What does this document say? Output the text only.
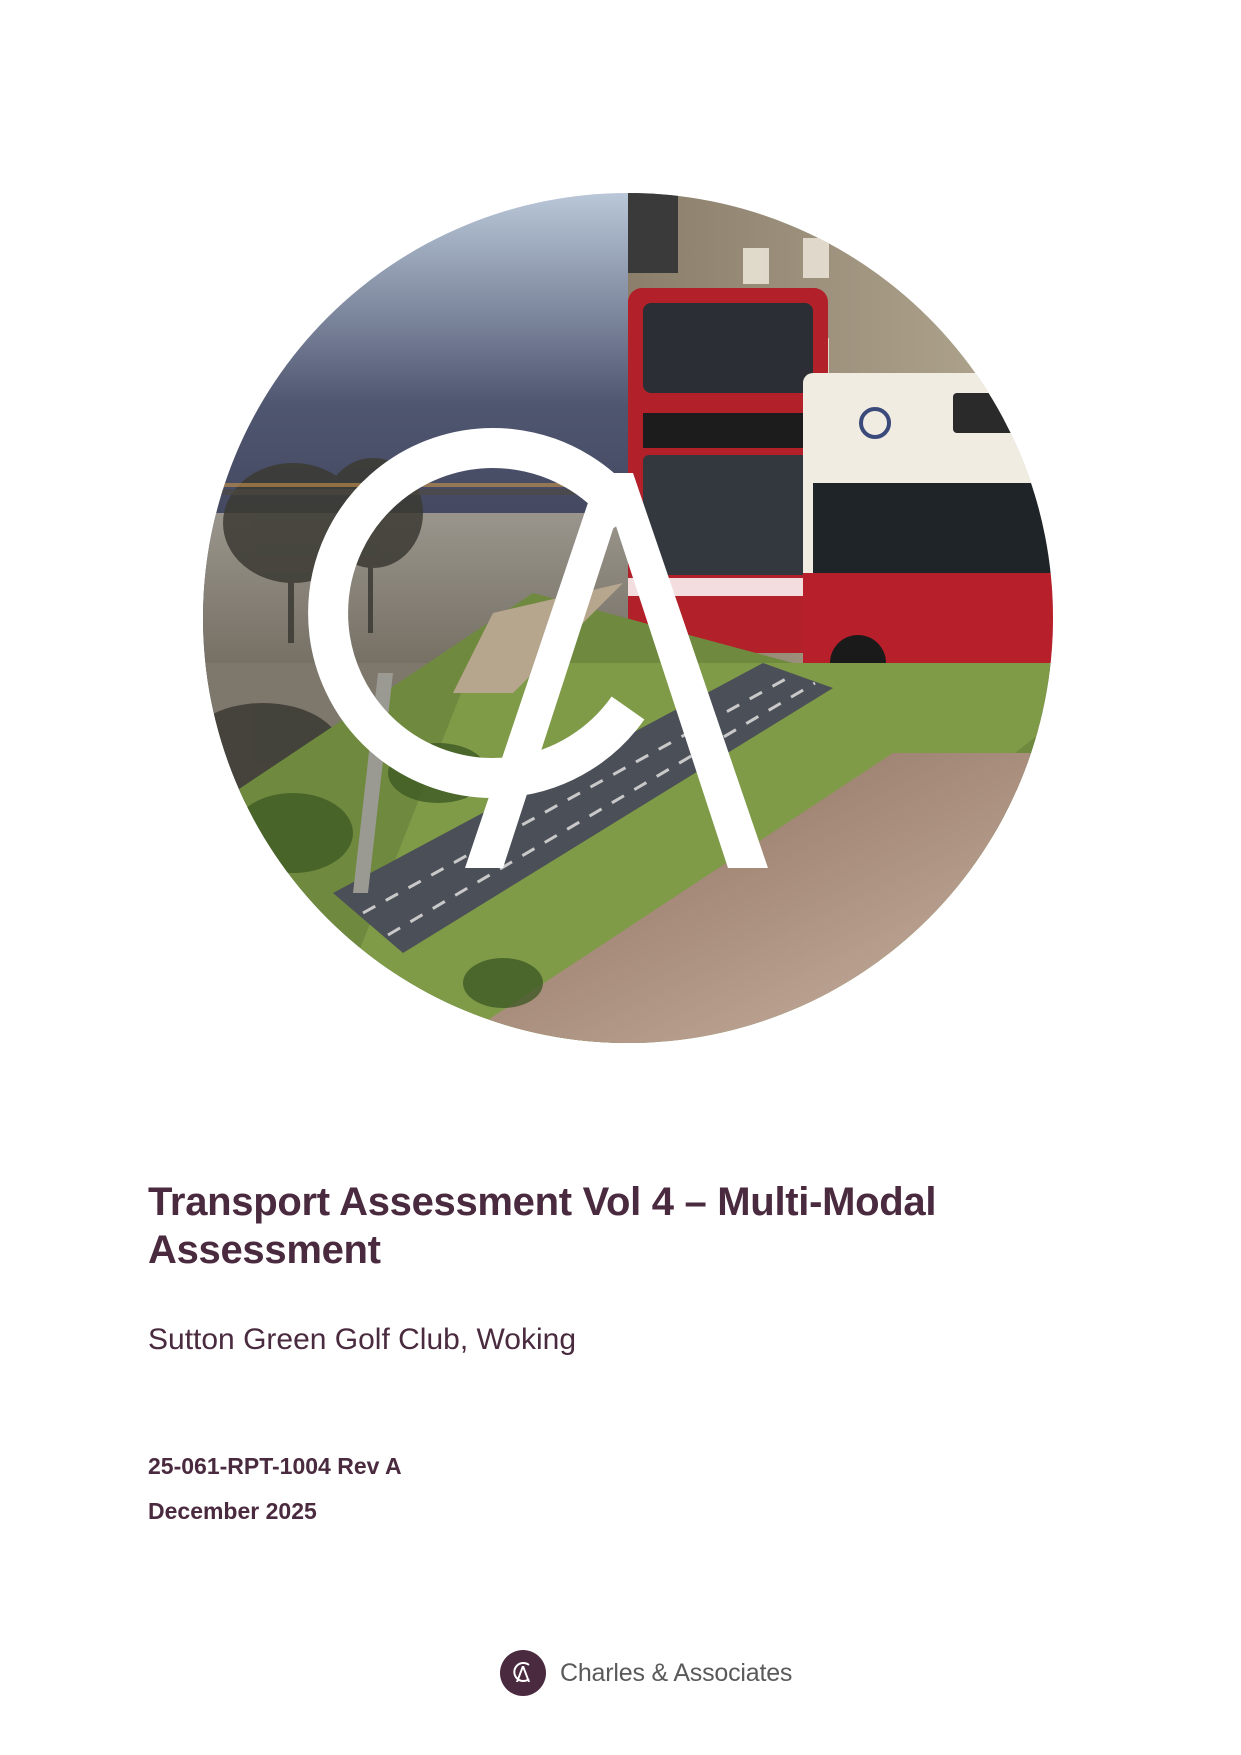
Transport Assessment Vol 4 – Multi-Modal Assessment

Sutton Green Golf Club, Woking

25-061-RPT-1004 Rev A

December 2025

Charles & Associates
